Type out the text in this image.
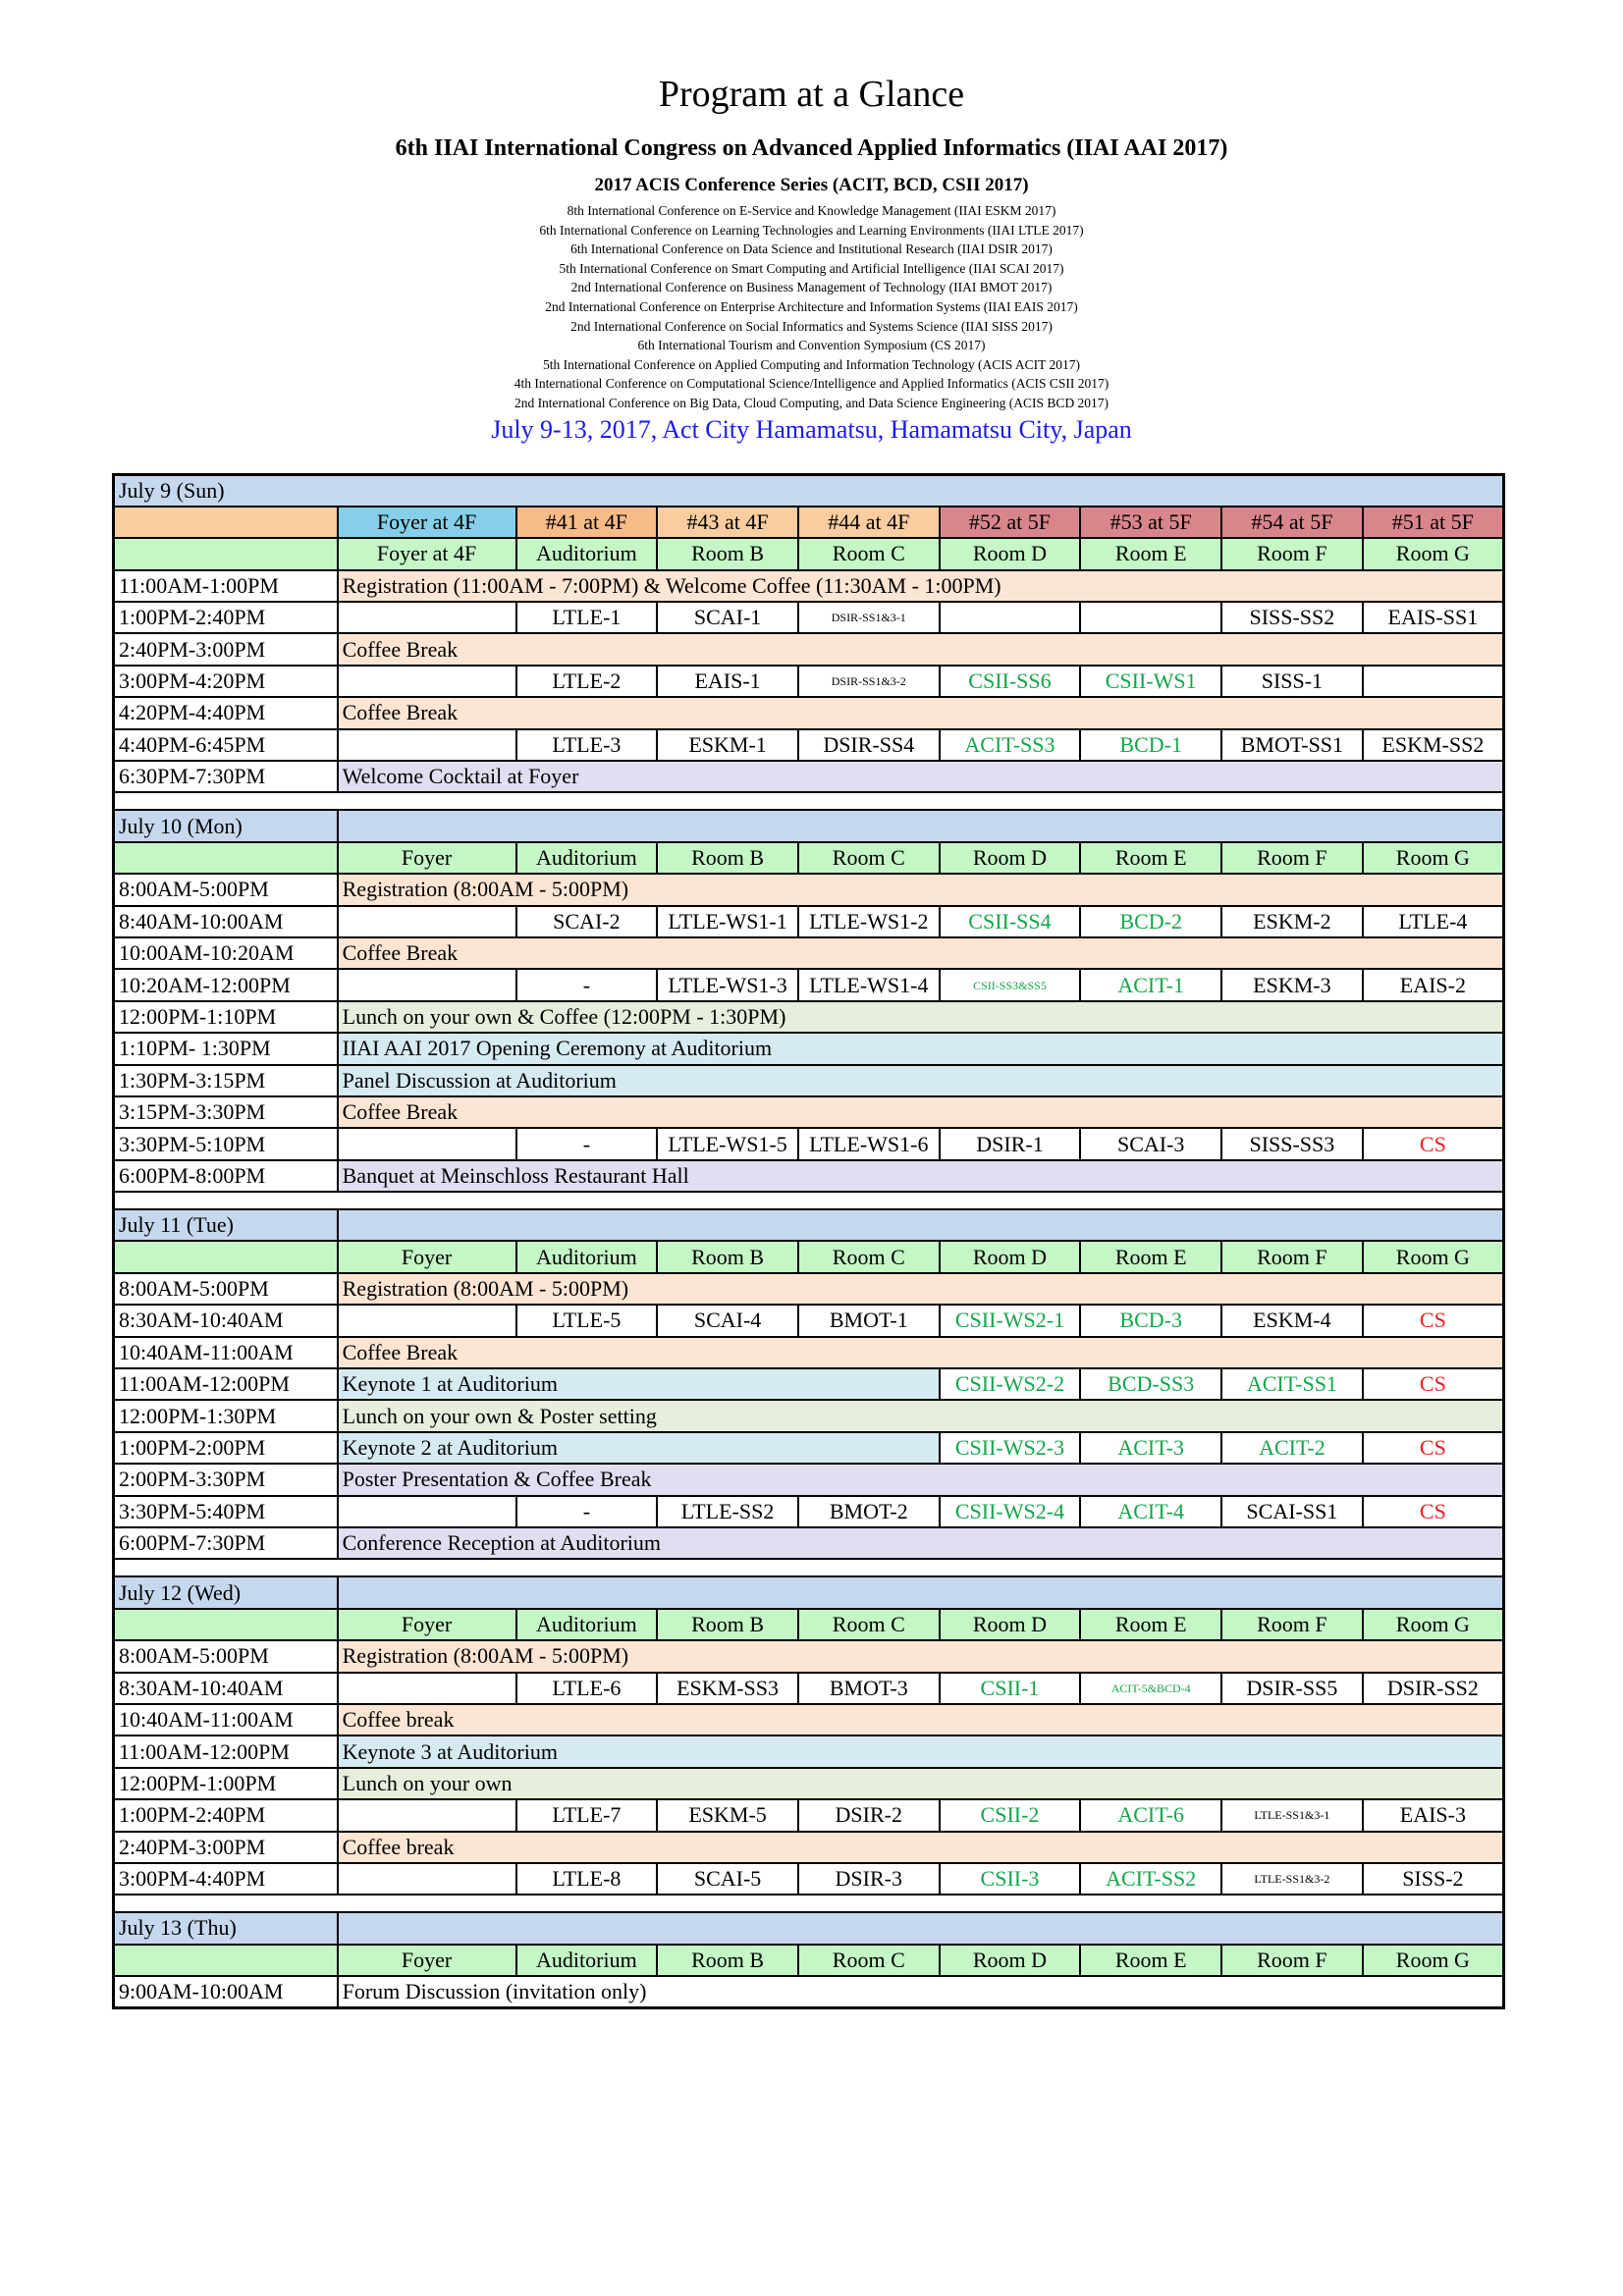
Program at a Glance
6th IIAI International Congress on Advanced Applied Informatics (IIAI AAI 2017)
2017 ACIS Conference Series (ACIT, BCD, CSII 2017)
8th International Conference on E-Service and Knowledge Management (IIAI ESKM 2017)
6th International Conference on Learning Technologies and Learning Environments (IIAI LTLE 2017)
6th International Conference on Data Science and Institutional Research (IIAI DSIR 2017)
5th International Conference on Smart Computing and Artificial Intelligence (IIAI SCAI 2017)
2nd International Conference on Business Management of Technology (IIAI BMOT 2017)
2nd International Conference on Enterprise Architecture and Information Systems (IIAI EAIS 2017)
2nd International Conference on Social Informatics and Systems Science (IIAI SISS 2017)
6th International Tourism and Convention Symposium (CS 2017)
5th International Conference on Applied Computing and Information Technology (ACIS ACIT 2017)
4th International Conference on Computational Science/Intelligence and Applied Informatics (ACIS CSII 2017)
2nd International Conference on Big Data, Cloud Computing, and Data Science Engineering (ACIS BCD 2017)
July 9-13, 2017, Act City Hamamatsu, Hamamatsu City, Japan
July 9 (Sun)								
	Foyer at 4F	#41 at 4F	#43 at 4F	#44 at 4F	#52 at 5F	#53 at 5F	#54 at 5F	#51 at 5F
	Foyer at 4F	Auditorium	Room B	Room C	Room D	Room E	Room F	Room G
11:00AM-1:00PM	Registration (11:00AM - 7:00PM) & Welcome Coffee (11:30AM - 1:00PM)							
1:00PM-2:40PM		LTLE-1	SCAI-1	DSIR-SS1&3-1			SISS-SS2	EAIS-SS1
2:40PM-3:00PM	Coffee Break							
3:00PM-4:20PM		LTLE-2	EAIS-1	DSIR-SS1&3-2	CSII-SS6	CSII-WS1	SISS-1	
4:20PM-4:40PM	Coffee Break							
4:40PM-6:45PM		LTLE-3	ESKM-1	DSIR-SS4	ACIT-SS3	BCD-1	BMOT-SS1	ESKM-SS2
6:30PM-7:30PM	Welcome Cocktail at Foyer							

July 10 (Mon)								
	Foyer	Auditorium	Room B	Room C	Room D	Room E	Room F	Room G
8:00AM-5:00PM	Registration (8:00AM - 5:00PM)							
8:40AM-10:00AM		SCAI-2	LTLE-WS1-1	LTLE-WS1-2	CSII-SS4	BCD-2	ESKM-2	LTLE-4
10:00AM-10:20AM	Coffee Break							
10:20AM-12:00PM		-	LTLE-WS1-3	LTLE-WS1-4	CSII-SS3&SS5	ACIT-1	ESKM-3	EAIS-2
12:00PM-1:10PM	Lunch on your own & Coffee (12:00PM - 1:30PM)							
1:10PM- 1:30PM	IIAI AAI 2017 Opening Ceremony at Auditorium							
1:30PM-3:15PM	Panel Discussion at Auditorium							
3:15PM-3:30PM	Coffee Break							
3:30PM-5:10PM		-	LTLE-WS1-5	LTLE-WS1-6	DSIR-1	SCAI-3	SISS-SS3	CS
6:00PM-8:00PM	Banquet at Meinschloss Restaurant Hall							

July 11 (Tue)								
	Foyer	Auditorium	Room B	Room C	Room D	Room E	Room F	Room G
8:00AM-5:00PM	Registration (8:00AM - 5:00PM)							
8:30AM-10:40AM		LTLE-5	SCAI-4	BMOT-1	CSII-WS2-1	BCD-3	ESKM-4	CS
10:40AM-11:00AM	Coffee Break							
11:00AM-12:00PM	Keynote 1 at Auditorium				CSII-WS2-2	BCD-SS3	ACIT-SS1	CS
12:00PM-1:30PM	Lunch on your own & Poster setting							
1:00PM-2:00PM	Keynote 2 at Auditorium				CSII-WS2-3	ACIT-3	ACIT-2	CS
2:00PM-3:30PM	Poster Presentation & Coffee Break							
3:30PM-5:40PM		-	LTLE-SS2	BMOT-2	CSII-WS2-4	ACIT-4	SCAI-SS1	CS
6:00PM-7:30PM	Conference Reception at Auditorium							

July 12 (Wed)								
	Foyer	Auditorium	Room B	Room C	Room D	Room E	Room F	Room G
8:00AM-5:00PM	Registration (8:00AM - 5:00PM)							
8:30AM-10:40AM		LTLE-6	ESKM-SS3	BMOT-3	CSII-1	ACIT-5&BCD-4	DSIR-SS5	DSIR-SS2
10:40AM-11:00AM	Coffee break							
11:00AM-12:00PM	Keynote 3 at Auditorium							
12:00PM-1:00PM	Lunch on your own							
1:00PM-2:40PM		LTLE-7	ESKM-5	DSIR-2	CSII-2	ACIT-6	LTLE-SS1&3-1	EAIS-3
2:40PM-3:00PM	Coffee break							
3:00PM-4:40PM		LTLE-8	SCAI-5	DSIR-3	CSII-3	ACIT-SS2	LTLE-SS1&3-2	SISS-2

July 13 (Thu)								
	Foyer	Auditorium	Room B	Room C	Room D	Room E	Room F	Room G
9:00AM-10:00AM	Forum Discussion (invitation only)							
